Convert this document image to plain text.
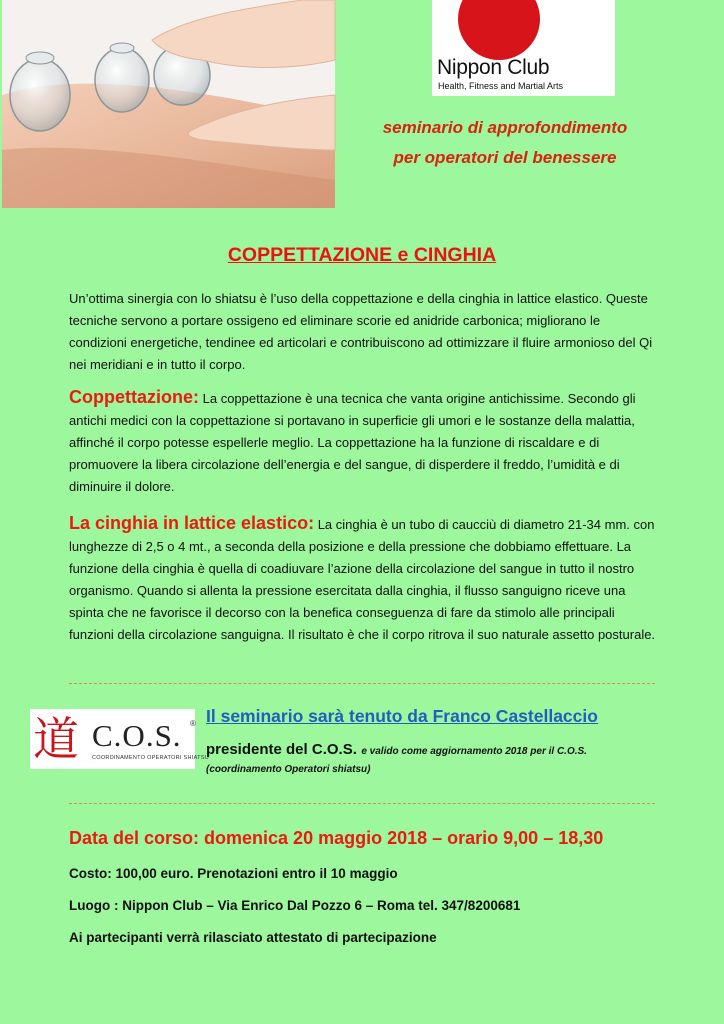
Nippon Club
Health, Fitness and Martial Arts
seminario di approfondimento
per operatori del benessere
COPPETTAZIONE e CINGHIA

Un’ottima sinergia con lo shiatsu è l’uso della coppettazione e della cinghia in lattice elastico. Queste tecniche servono a portare ossigeno ed eliminare scorie ed anidride carbonica; migliorano le condizioni energetiche, tendinee ed articolari e contribuiscono ad ottimizzare il fluire armonioso del Qi nei meridiani e in tutto il corpo.

Coppettazione: La coppettazione è una tecnica che vanta origine antichissime. Secondo gli antichi medici con la coppettazione si portavano in superficie gli umori e le sostanze della malattia, affinché il corpo potesse espellerle meglio. La coppettazione ha la funzione di riscaldare e di promuovere la libera circolazione dell’energia e del sangue, di disperdere il freddo, l’umidità e di diminuire il dolore.

La cinghia in lattice elastico: La cinghia è un tubo di caucciù di diametro 21-34 mm. con lunghezze di 2,5 o 4 mt., a seconda della posizione e della pressione che dobbiamo effettuare. La funzione della cinghia è quella di coadiuvare l’azione della circolazione del sangue in tutto il nostro organismo. Quando si allenta la pressione esercitata dalla cinghia, il flusso sanguigno riceve una spinta che ne favorisce il decorso con la benefica conseguenza di fare da stimolo alle principali funzioni della circolazione sanguigna. Il risultato è che il corpo ritrova il suo naturale assetto posturale.

道 C.O.S. ®
COORDINAMENTO OPERATORI SHIATSU
Il seminario sarà tenuto da Franco Castellaccio
presidente del C.O.S. e valido come aggiornamento 2018 per il C.O.S.
(coordinamento Operatori shiatsu)
Data del corso: domenica 20 maggio 2018 – orario 9,00 – 18,30
Costo: 100,00 euro. Prenotazioni entro il 10 maggio
Luogo : Nippon Club – Via Enrico Dal Pozzo 6 – Roma tel. 347/8200681
Ai partecipanti verrà rilasciato attestato di partecipazione
